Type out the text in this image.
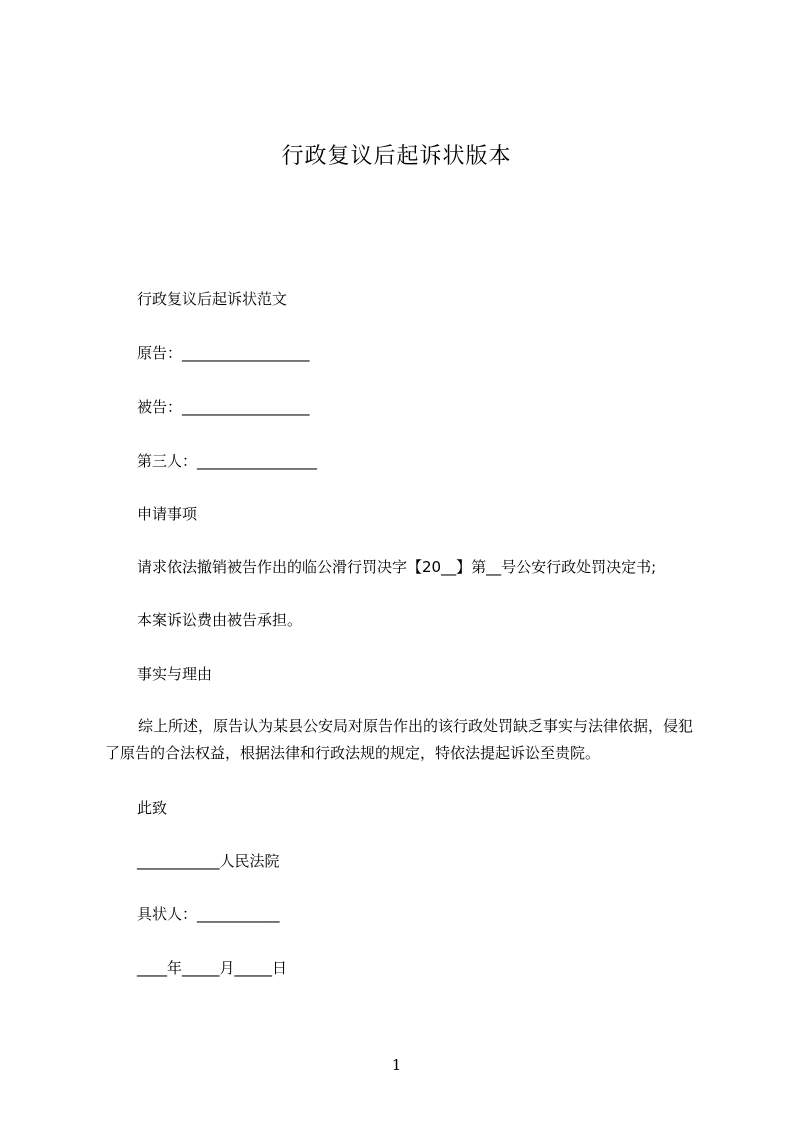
行政复议后起诉状版本
行政复议后起诉状范文
原告：_________________
被告：_________________
第三人：________________
申请事项
请求依法撤销被告作出的临公滑行罚决字【20__】第__号公安行政处罚决定书;
本案诉讼费由被告承担。
事实与理由
综上所述，原告认为某县公安局对原告作出的该行政处罚缺乏事实与法律依据，侵犯了原告的合法权益，根据法律和行政法规的规定，特依法提起诉讼至贵院。
此致
___________人民法院
具状人：___________
____年_____月_____日
1
